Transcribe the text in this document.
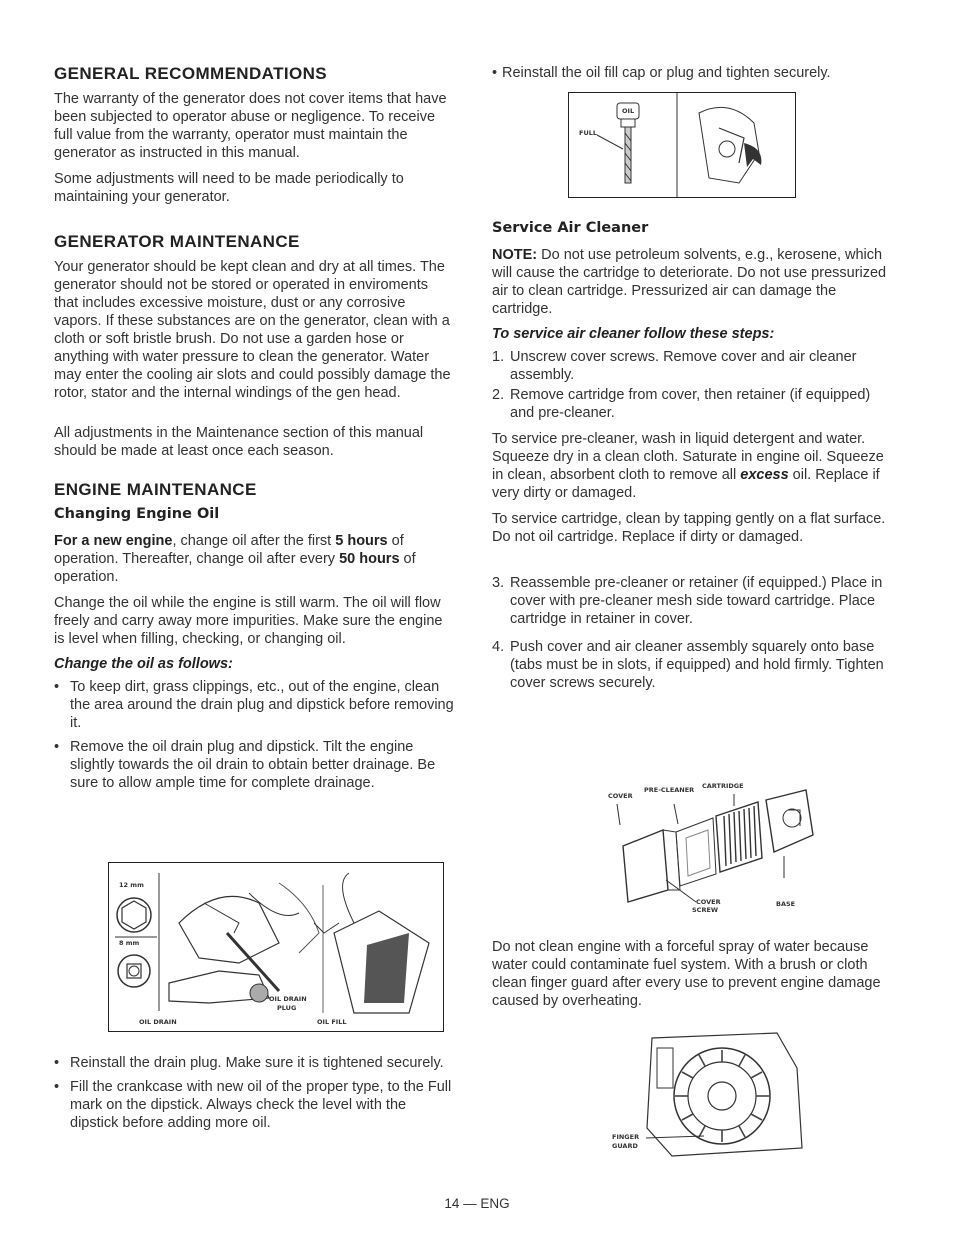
GENERAL RECOMMENDATIONS

The warranty of the generator does not cover items that have been subjected to operator abuse or negligence. To receive full value from the warranty, operator must maintain the generator as instructed in this manual.

Some adjustments will need to be made periodically to maintaining your generator.

GENERATOR MAINTENANCE

Your generator should be kept clean and dry at all times. The generator should not be stored or operated in enviroments that includes excessive moisture, dust or any corrosive vapors. If these substances are on the generator, clean with a cloth or soft bristle brush. Do not use a garden hose or anything with water pressure to clean the generator. Water may enter the cooling air slots and could possibly damage the rotor, stator and the internal windings of the gen head.

All adjustments in the Maintenance section of this manual should be made at least once each season.

ENGINE MAINTENANCE
Changing Engine Oil

For a new engine, change oil after the first 5 hours of operation. Thereafter, change oil after every 50 hours of operation.

Change the oil while the engine is still warm. The oil will flow freely and carry away more impurities. Make sure the engine is level when filling, checking, or changing oil.

Change the oil as follows:
• To keep dirt, grass clippings, etc., out of the engine, clean the area around the drain plug and dipstick before removing it.
• Remove the oil drain plug and dipstick. Tilt the engine slightly towards the oil drain to obtain better drainage. Be sure to allow ample time for complete drainage.
12 mm
8 mm
OIL DRAIN
PLUG
OIL DRAIN	OIL FILL
• Reinstall the drain plug. Make sure it is tightened securely.
• Fill the crankcase with new oil of the proper type, to the Full mark on the dipstick. Always check the level with the dipstick before adding more oil.
• Reinstall the oil fill cap or plug and tighten securely.
OIL
FULL
Service Air Cleaner

NOTE: Do not use petroleum solvents, e.g., kerosene, which will cause the cartridge to deteriorate. Do not use pressurized air to clean cartridge. Pressurized air can damage the cartridge.

To service air cleaner follow these steps:
1. Unscrew cover screws. Remove cover and air cleaner assembly.
2. Remove cartridge from cover, then retainer (if equipped) and pre-cleaner.

To service pre-cleaner, wash in liquid detergent and water. Squeeze dry in a clean cloth. Saturate in engine oil. Squeeze in clean, absorbent cloth to remove all excess oil. Replace if very dirty or damaged.

To service cartridge, clean by tapping gently on a flat surface. Do not oil cartridge. Replace if dirty or damaged.

3. Reassemble pre-cleaner or retainer (if equipped.) Place in cover with pre-cleaner mesh side toward cartridge. Place cartridge in retainer in cover.
4. Push cover and air cleaner assembly squarely onto base (tabs must be in slots, if equipped) and hold firmly. Tighten cover screws securely.
COVER
PRE-CLEANER CARTRIDGE
COVER
SCREW
BASE

Do not clean engine with a forceful spray of water because water could contaminate fuel system. With a brush or cloth clean finger guard after every use to prevent engine damage caused by overheating.

FINGER
GUARD
14 — ENG
